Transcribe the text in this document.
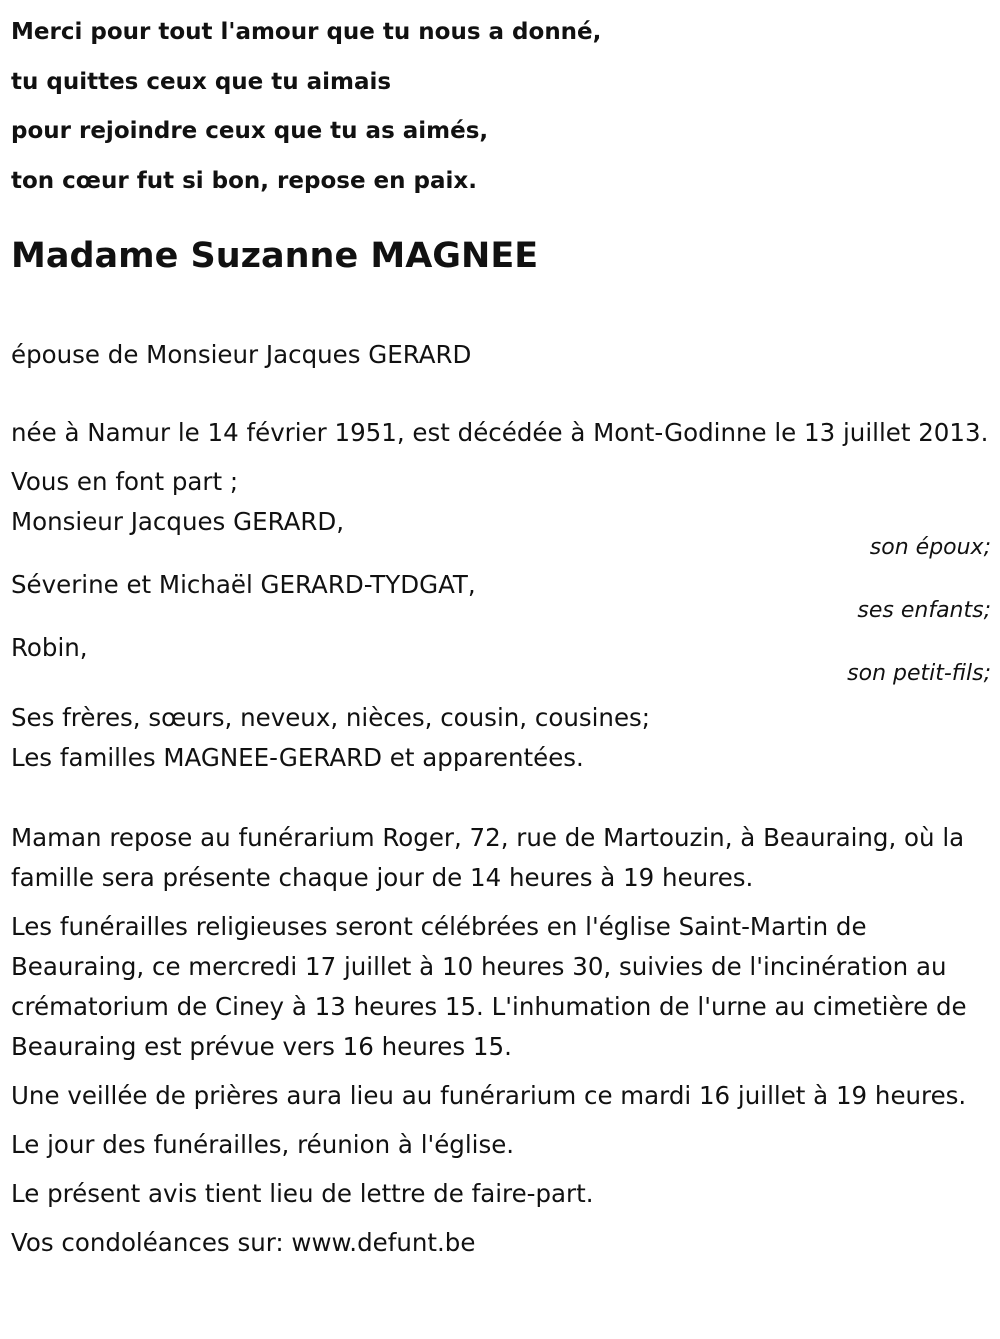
Merci pour tout l'amour que tu nous a donné,
tu quittes ceux que tu aimais
pour rejoindre ceux que tu as aimés,
ton cœur fut si bon, repose en paix.
Madame Suzanne MAGNEE

épouse de Monsieur Jacques GERARD

née à Namur le 14 février 1951, est décédée à Mont-Godinne le 13 juillet 2013.

Vous en font part ;

Monsieur Jacques GERARD,
son époux;
Séverine et Michaël GERARD-TYDGAT,
ses enfants;
Robin,
son petit-fils;

Ses frères, sœurs, neveux, nièces, cousin, cousines;

Les familles MAGNEE-GERARD et apparentées.

Maman repose au funérarium Roger, 72, rue de Martouzin, à Beauraing, où la famille sera présente chaque jour de 14 heures à 19 heures.

Les funérailles religieuses seront célébrées en l'église Saint-Martin de Beauraing, ce mercredi 17 juillet à 10 heures 30, suivies de l'incinération au crématorium de Ciney à 13 heures 15. L'inhumation de l'urne au cimetière de Beauraing est prévue vers 16 heures 15.

Une veillée de prières aura lieu au funérarium ce mardi 16 juillet à 19 heures.

Le jour des funérailles, réunion à l'église.

Le présent avis tient lieu de lettre de faire-part.

Vos condoléances sur: www.defunt.be
